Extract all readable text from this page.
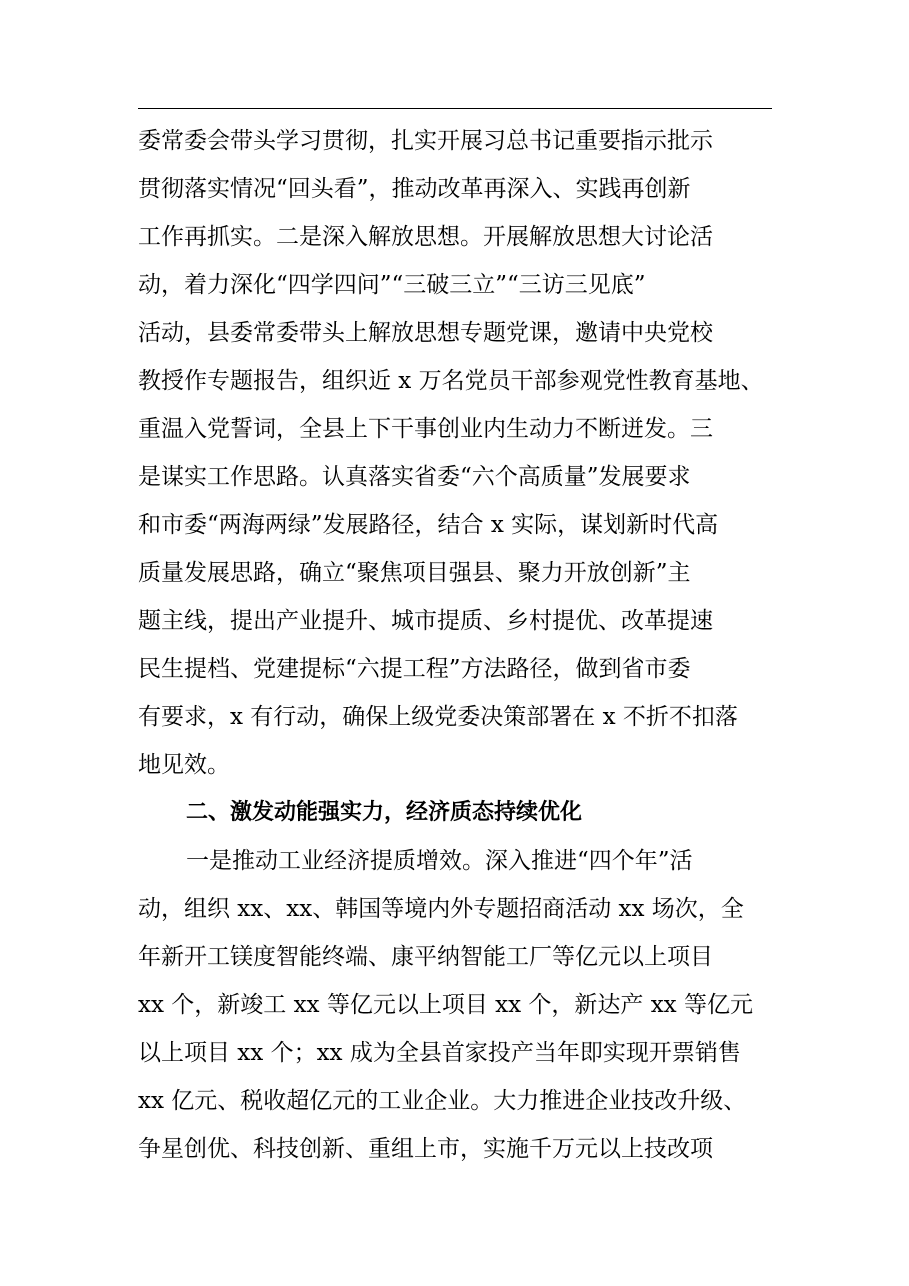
委常委会带头学习贯彻，扎实开展习总书记重要指示批示
贯彻落实情况“回头看”，推动改革再深入、实践再创新
工作再抓实。二是深入解放思想。开展解放思想大讨论活
动，着力深化“四学四问”“三破三立”“三访三见底”
活动，县委常委带头上解放思想专题党课，邀请中央党校
教授作专题报告，组织近 x 万名党员干部参观党性教育基地、
重温入党誓词，全县上下干事创业内生动力不断迸发。三
是谋实工作思路。认真落实省委“六个高质量”发展要求
和市委“两海两绿”发展路径，结合 x 实际，谋划新时代高
质量发展思路，确立“聚焦项目强县、聚力开放创新”主
题主线，提出产业提升、城市提质、乡村提优、改革提速
民生提档、党建提标“六提工程”方法路径，做到省市委
有要求，x 有行动，确保上级党委决策部署在 x 不折不扣落
地见效。
二、激发动能强实力，经济质态持续优化
一是推动工业经济提质增效。深入推进“四个年”活
动，组织 xx、xx、韩国等境内外专题招商活动 xx 场次，全
年新开工镁度智能终端、康平纳智能工厂等亿元以上项目
xx 个，新竣工 xx 等亿元以上项目 xx 个，新达产 xx 等亿元
以上项目 xx 个；xx 成为全县首家投产当年即实现开票销售
xx 亿元、税收超亿元的工业企业。大力推进企业技改升级、
争星创优、科技创新、重组上市，实施千万元以上技改项
